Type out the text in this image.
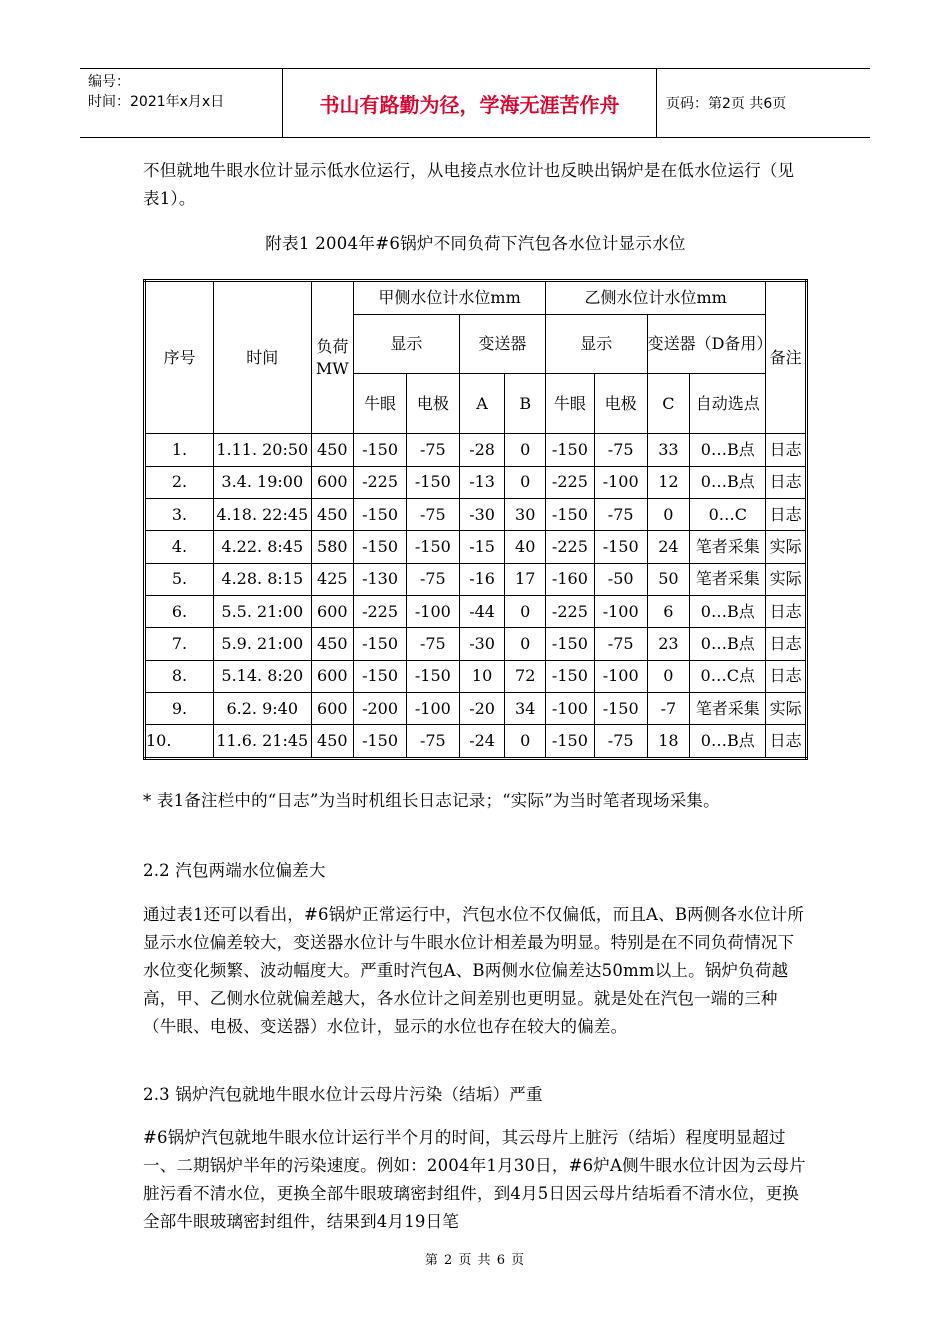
编号：
时间：2021年x月x日	书山有路勤为径，学海无涯苦作舟	页码：第2页 共6页
不但就地牛眼水位计显示低水位运行，从电接点水位计也反映出锅炉是在低水位运行（见表1）。
附表1 2004年#6锅炉不同负荷下汽包各水位计显示水位
序号	时间	负荷MW	甲侧水位计水位mm				乙侧水位计水位mm				备注
			显示		变送器		显示		变送器（D备用）		
			牛眼	电极	A	B	牛眼	电极	C	自动选点	
1.	1.11. 20:50	450	-150	-75	-28	0	-150	-75	33	0…B点	日志
2.	3.4. 19:00	600	-225	-150	-13	0	-225	-100	12	0…B点	日志
3.	4.18. 22:45	450	-150	-75	-30	30	-150	-75	0	0…C	日志
4.	4.22. 8:45	580	-150	-150	-15	40	-225	-150	24	笔者采集	实际
5.	4.28. 8:15	425	-130	-75	-16	17	-160	-50	50	笔者采集	实际
6.	5.5. 21:00	600	-225	-100	-44	0	-225	-100	6	0…B点	日志
7.	5.9. 21:00	450	-150	-75	-30	0	-150	-75	23	0…B点	日志
8.	5.14. 8:20	600	-150	-150	10	72	-150	-100	0	0…C点	日志
9.	6.2. 9:40	600	-200	-100	-20	34	-100	-150	-7	笔者采集	实际
10.	11.6. 21:45	450	-150	-75	-24	0	-150	-75	18	0…B点	日志
* 表1备注栏中的“日志”为当时机组长日志记录；“实际”为当时笔者现场采集。
2.2 汽包两端水位偏差大
通过表1还可以看出，#6锅炉正常运行中，汽包水位不仅偏低，而且A、B两侧各水位计所显示水位偏差较大，变送器水位计与牛眼水位计相差最为明显。特别是在不同负荷情况下水位变化频繁、波动幅度大。严重时汽包A、B两侧水位偏差达50mm以上。锅炉负荷越高，甲、乙侧水位就偏差越大，各水位计之间差别也更明显。就是处在汽包一端的三种（牛眼、电极、变送器）水位计，显示的水位也存在较大的偏差。
2.3 锅炉汽包就地牛眼水位计云母片污染（结垢）严重
#6锅炉汽包就地牛眼水位计运行半个月的时间，其云母片上脏污（结垢）程度明显超过一、二期锅炉半年的污染速度。例如：2004年1月30日，#6炉A侧牛眼水位计因为云母片脏污看不清水位，更换全部牛眼玻璃密封组件，到4月5日因云母片结垢看不清水位，更换全部牛眼玻璃密封组件，结果到4月19日笔
第 2 页 共 6 页
